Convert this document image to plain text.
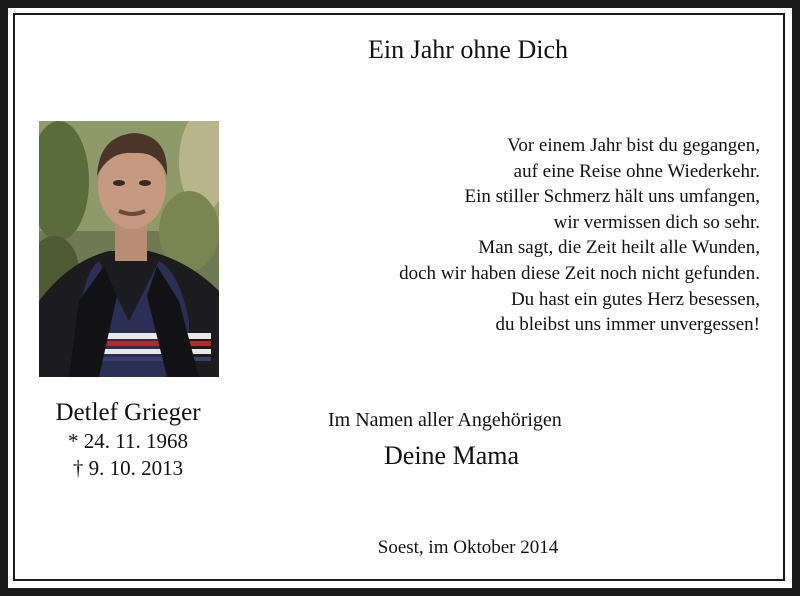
Ein Jahr ohne Dich
Vor einem Jahr bist du gegangen,
auf eine Reise ohne Wiederkehr.
Ein stiller Schmerz hält uns umfangen,
wir vermissen dich so sehr.
Man sagt, die Zeit heilt alle Wunden,
doch wir haben diese Zeit noch nicht gefunden.
Du hast ein gutes Herz besessen,
du bleibst uns immer unvergessen!
Detlef Grieger
* 24. 11. 1968
† 9. 10. 2013
Im Namen aller Angehörigen
Deine Mama
Soest, im Oktober 2014
